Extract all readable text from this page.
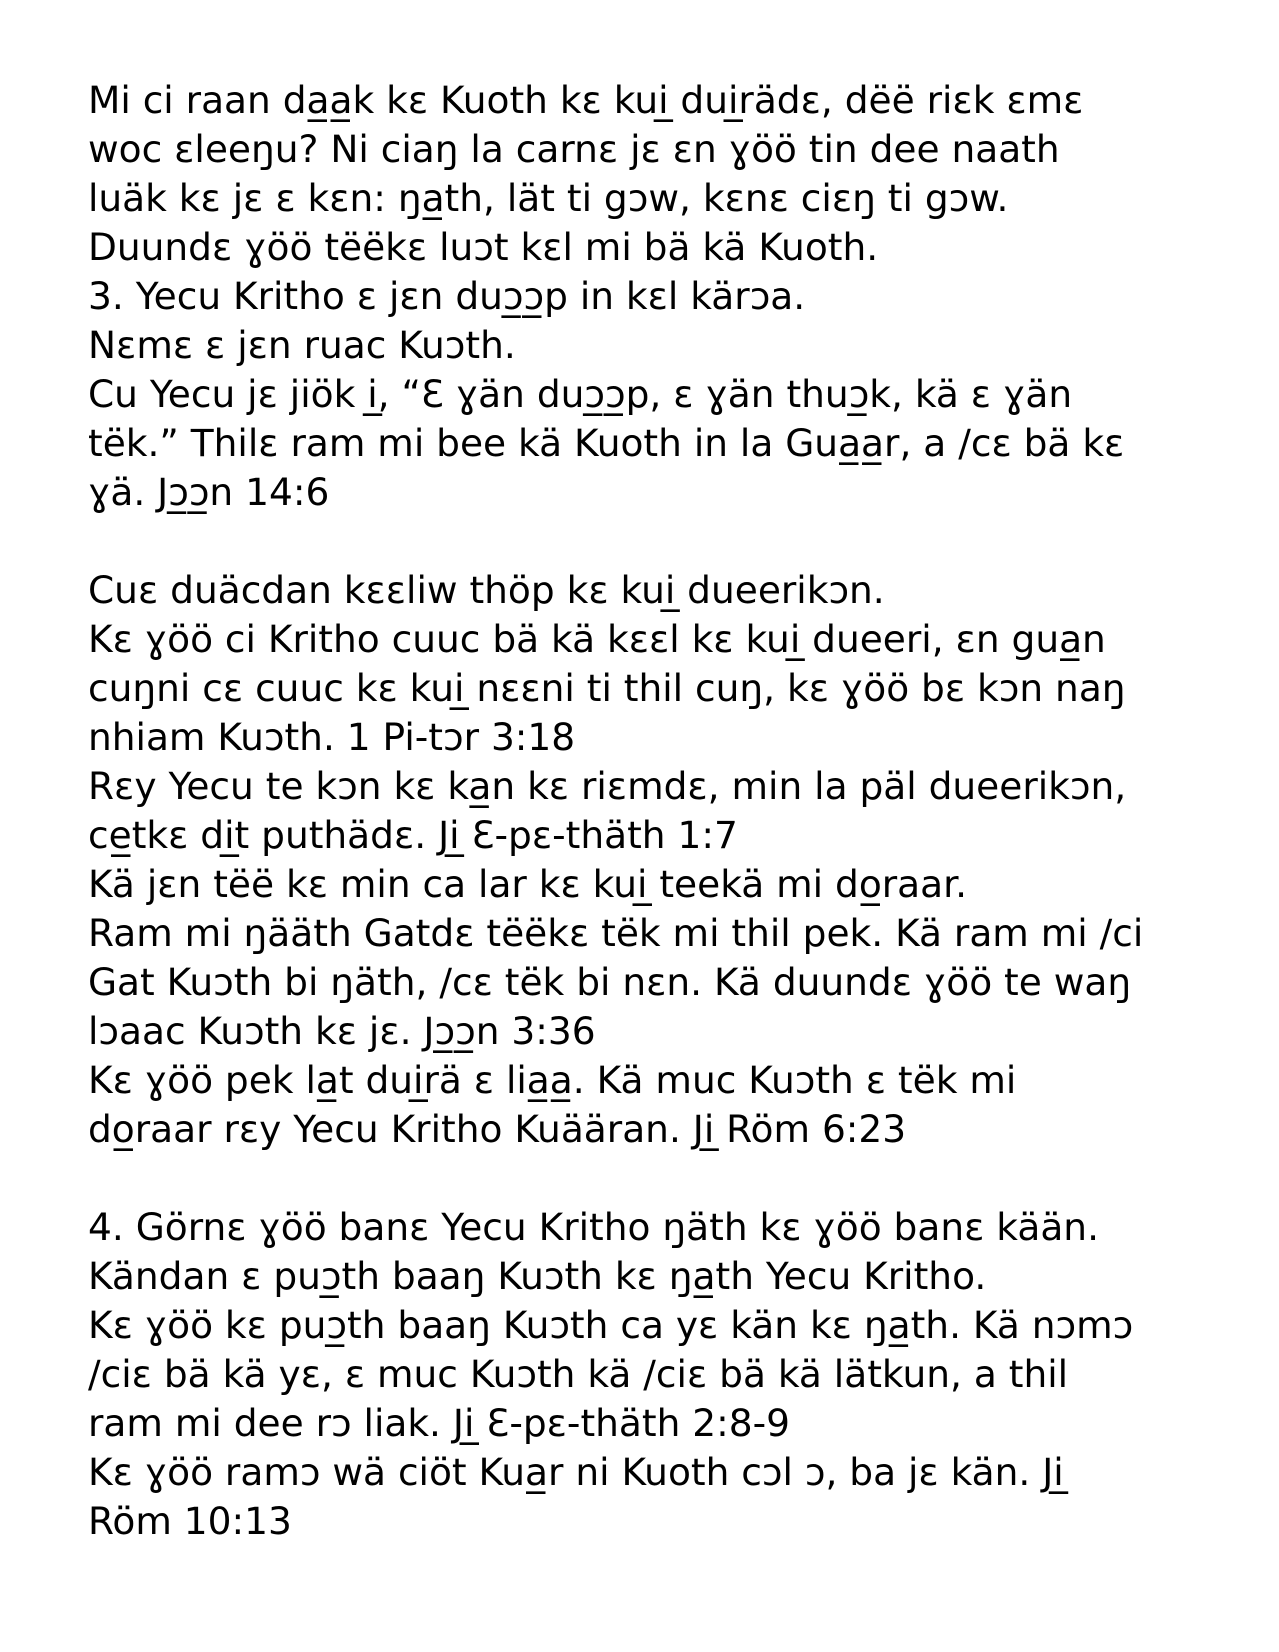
Mi ci raan da̲a̲k kɛ Kuoth kɛ kui̲ dui̲rädɛ, dëë riɛk ɛmɛ
woc ɛleeŋu? Ni ciaŋ la carnɛ jɛ ɛn ɣöö tin dee naath
luäk kɛ jɛ ɛ kɛn: ŋa̲th, lät ti gɔw, kɛnɛ ciɛŋ ti gɔw.
Duundɛ ɣöö tëëkɛ luɔt kɛl mi bä kä Kuoth.
3. Yecu Kritho ɛ jɛn duɔ̲ɔ̲p in kɛl kärɔa.
Nɛmɛ ɛ jɛn ruac Kuɔth.
Cu Yecu jɛ jiök i̲, “Ɛ ɣän duɔ̲ɔ̲p, ɛ ɣän thuɔ̲k, kä ɛ ɣän
tëk.” Thilɛ ram mi bee kä Kuoth in la Gua̲a̲r, a /cɛ bä kɛ
ɣä. Jɔ̲ɔ̲n 14:6
Cuɛ duäcdan kɛɛliw thöp kɛ kui̲ dueerikɔn.
Kɛ ɣöö ci Kritho cuuc bä kä kɛɛl kɛ kui̲ dueeri, ɛn gua̲n
cuŋni cɛ cuuc kɛ kui̲ nɛɛni ti thil cuŋ, kɛ ɣöö bɛ kɔn naŋ
nhiam Kuɔth. 1 Pi-tɔr 3:18
Rɛy Yecu te kɔn kɛ ka̲n kɛ riɛmdɛ, min la päl dueerikɔn,
ce̲tkɛ di̲t puthädɛ. Ji̲ Ɛ-pɛ-thäth 1:7
Kä jɛn tëë kɛ min ca lar kɛ kui̲ teekä mi do̲raar.
Ram mi ŋääth Gatdɛ tëëkɛ tëk mi thil pek. Kä ram mi /ci
Gat Kuɔth bi ŋäth, /cɛ tëk bi nɛn. Kä duundɛ ɣöö te waŋ
lɔaac Kuɔth kɛ jɛ. Jɔ̲ɔ̲n 3:36
Kɛ ɣöö pek la̲t dui̲rä ɛ lia̲a̲. Kä muc Kuɔth ɛ tëk mi
do̲raar rɛy Yecu Kritho Kuääran. Ji̲ Röm 6:23
4. Görnɛ ɣöö banɛ Yecu Kritho ŋäth kɛ ɣöö banɛ kään.
Kändan ɛ puɔ̲th baaŋ Kuɔth kɛ ŋa̲th Yecu Kritho.
Kɛ ɣöö kɛ puɔ̲th baaŋ Kuɔth ca yɛ kän kɛ ŋa̲th. Kä nɔmɔ
/ciɛ bä kä yɛ, ɛ muc Kuɔth kä /ciɛ bä kä lätkun, a thil
ram mi dee rɔ liak. Ji̲ Ɛ-pɛ-thäth 2:8-9
Kɛ ɣöö ramɔ wä ciöt Kua̲r ni Kuoth cɔl ɔ, ba jɛ kän. Ji̲
Röm 10:13
